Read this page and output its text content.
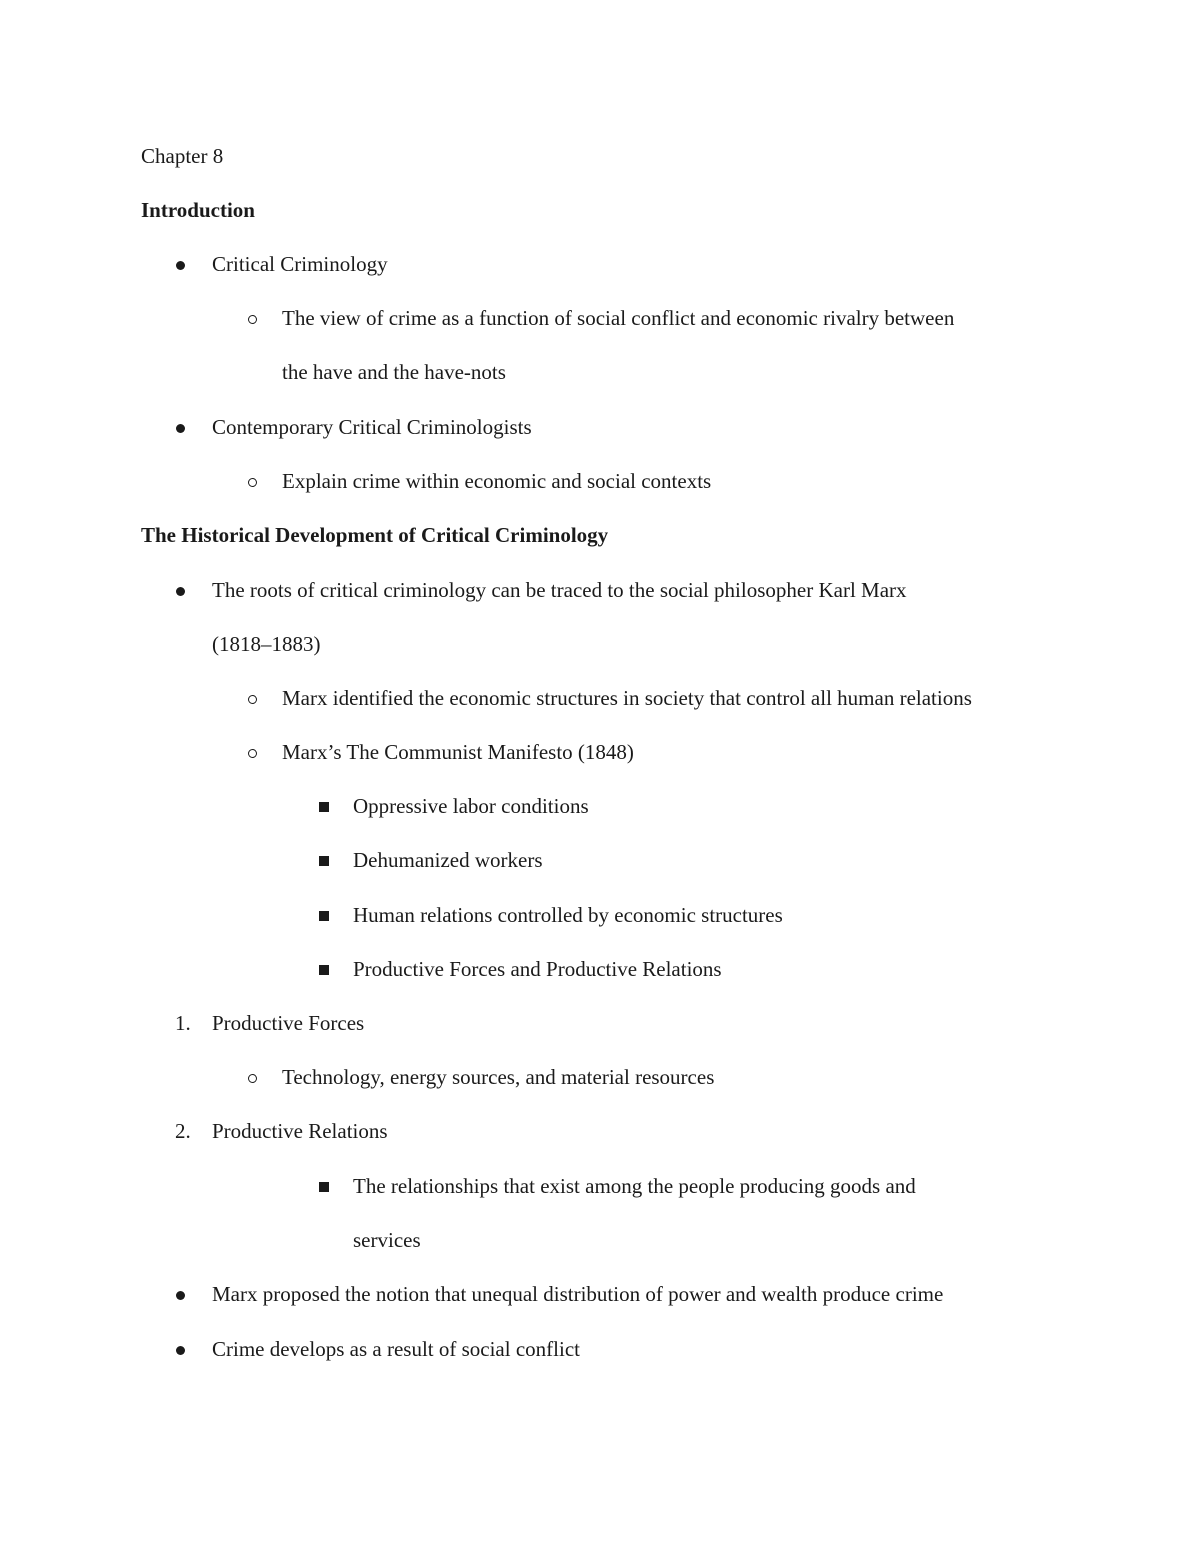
Chapter 8
Introduction
Critical Criminology
The view of crime as a function of social conflict and economic rivalry between
the have and the have-nots
Contemporary Critical Criminologists
Explain crime within economic and social contexts
The Historical Development of Critical Criminology
The roots of critical criminology can be traced to the social philosopher Karl Marx
(1818–1883)
Marx identified the economic structures in society that control all human relations
Marx’s The Communist Manifesto (1848)
Oppressive labor conditions
Dehumanized workers
Human relations controlled by economic structures
Productive Forces and Productive Relations
1. Productive Forces
Technology, energy sources, and material resources
2. Productive Relations
The relationships that exist among the people producing goods and
services
Marx proposed the notion that unequal distribution of power and wealth produce crime
Crime develops as a result of social conflict
